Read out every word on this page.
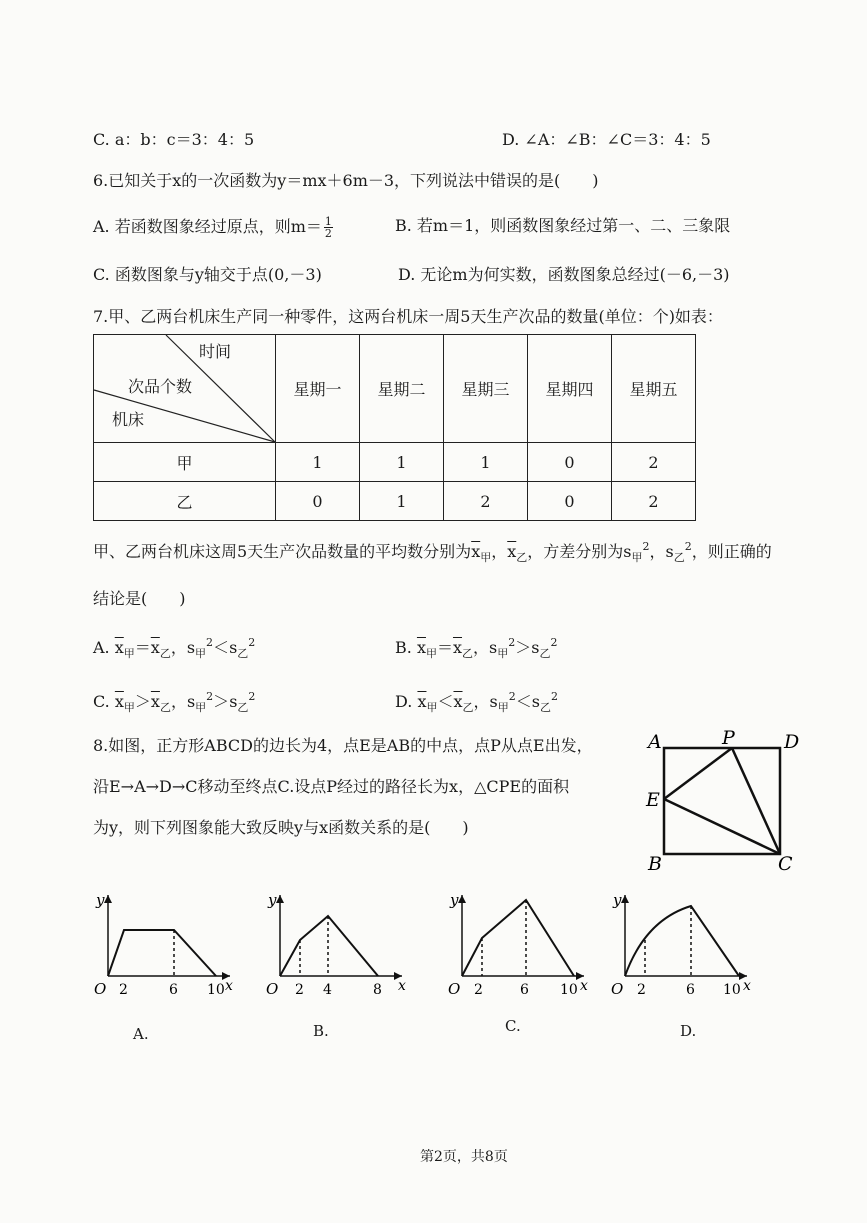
C. a：b：c＝3：4：5	D. ∠A：∠B：∠C＝3：4：5
6.已知关于x的一次函数为y＝mx＋6m－3，下列说法中错误的是(　　)
A. 若函数图象经过原点，则$m= \frac{1}{2}$	B. 若m＝1，则函数图象经过第一、二、三象限
C. 函数图象与y轴交于点(0,－3)	D. 无论m为何实数，函数图象总经过(－6,－3)
7.甲、乙两台机床生产同一种零件，这两台机床一周5天生产次品的数量(单位：个)如表：
时间
次品个数
机床	星期一	星期二	星期三	星期四	星期五
甲	1	1	1	0	2
乙	0	1	2	0	2
甲、乙两台机床这周5天生产次品数量的平均数分别为$\overline{x}_甲$，$\overline{x}_乙$，方差分别为$s_甲^2$，$s_乙^2$，则正确的
结论是(　　)
A. $\overline{x}_甲=\overline{x}_乙$，$s_甲^2<s_乙^2$	B. $\overline{x}_甲=\overline{x}_乙$，$s_甲^2>s_乙^2$
C. $\overline{x}_甲>\overline{x}_乙$，$s_甲^2>s_乙^2$	D. $\overline{x}_甲<\overline{x}_乙$，$s_甲^2<s_乙^2$
8.如图，正方形ABCD的边长为4，点E是AB的中点，点P从点E出发，
沿E→A→D→C移动至终点C.设点P经过的路径长为x，△CPE的面积
为y，则下列图象能大致反映y与x函数关系的是(　　)
A	P	D
E
B	C
y
O 2	6 10 x
y
O 2 4	8 x
y
O 2	6 10 x
y
O 2	6 10 x
A.	B.	C.	D.
第2页，共8页
